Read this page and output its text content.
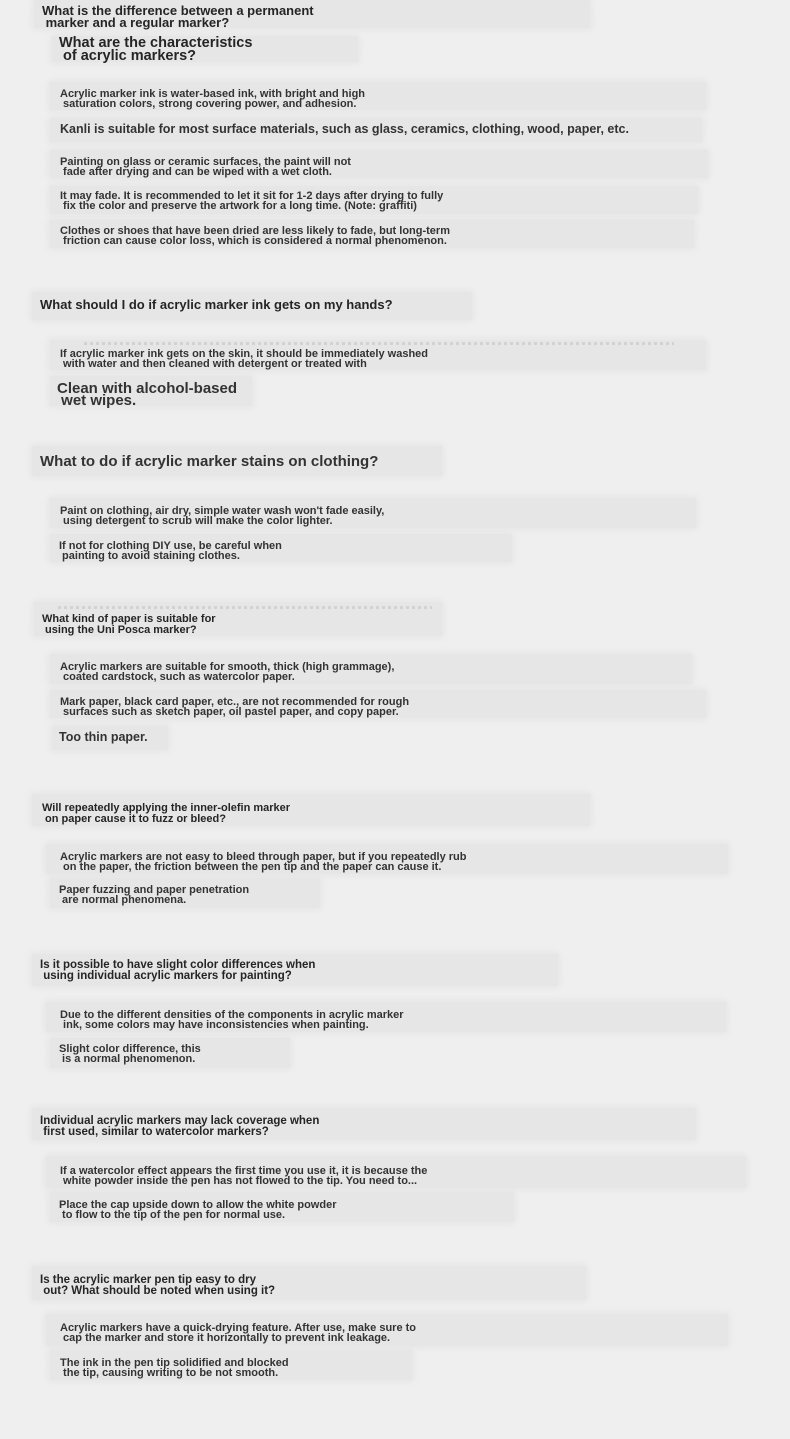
What is the difference between a permanent
marker and a regular marker?
What are the characteristics
of acrylic markers?
Acrylic marker ink is water-based ink, with bright and high
saturation colors, strong covering power, and adhesion.
Kanli is suitable for most surface materials, such as glass, ceramics, clothing, wood, paper, etc.
Painting on glass or ceramic surfaces, the paint will not
fade after drying and can be wiped with a wet cloth.
It may fade. It is recommended to let it sit for 1-2 days after drying to fully
fix the color and preserve the artwork for a long time. (Note: graffiti)
Clothes or shoes that have been dried are less likely to fade, but long-term
friction can cause color loss, which is considered a normal phenomenon.
What should I do if acrylic marker ink gets on my hands?
If acrylic marker ink gets on the skin, it should be immediately washed
with water and then cleaned with detergent or treated with
Clean with alcohol-based
wet wipes.
What to do if acrylic marker stains on clothing?
Paint on clothing, air dry, simple water wash won't fade easily,
using detergent to scrub will make the color lighter.
If not for clothing DIY use, be careful when
painting to avoid staining clothes.
What kind of paper is suitable for
using the Uni Posca marker?
Acrylic markers are suitable for smooth, thick (high grammage),
coated cardstock, such as watercolor paper.
Mark paper, black card paper, etc., are not recommended for rough
surfaces such as sketch paper, oil pastel paper, and copy paper.
Too thin paper.
Will repeatedly applying the inner-olefin marker
on paper cause it to fuzz or bleed?
Acrylic markers are not easy to bleed through paper, but if you repeatedly rub
on the paper, the friction between the pen tip and the paper can cause it.
Paper fuzzing and paper penetration
are normal phenomena.
Is it possible to have slight color differences when
using individual acrylic markers for painting?
Due to the different densities of the components in acrylic marker
ink, some colors may have inconsistencies when painting.
Slight color difference, this
is a normal phenomenon.
Individual acrylic markers may lack coverage when
first used, similar to watercolor markers?
If a watercolor effect appears the first time you use it, it is because the
white powder inside the pen has not flowed to the tip. You need to...
Place the cap upside down to allow the white powder
to flow to the tip of the pen for normal use.
Is the acrylic marker pen tip easy to dry
out? What should be noted when using it?
Acrylic markers have a quick-drying feature. After use, make sure to
cap the marker and store it horizontally to prevent ink leakage.
The ink in the pen tip solidified and blocked
the tip, causing writing to be not smooth.
